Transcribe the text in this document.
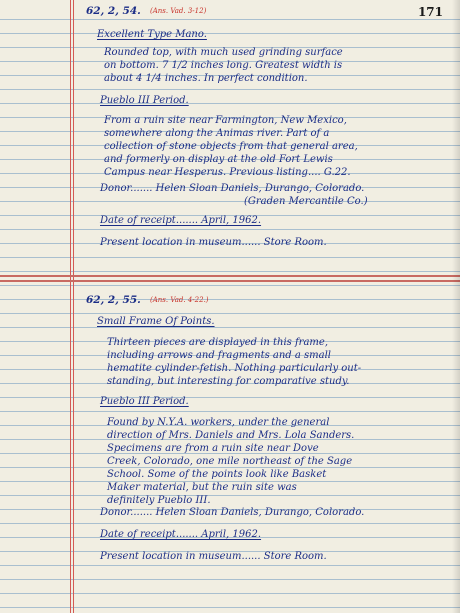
171
62, 2, 54. (Ans. Vad. 3-12)
Excellent Type Mano.
Rounded top, with much used grinding surface
on bottom. 7 1/2 inches long. Greatest width is
about 4 1/4 inches. In perfect condition.
Pueblo III Period.
From a ruin site near Farmington, New Mexico,
somewhere along the Animas river. Part of a
collection of stone objects from that general area,
and formerly on display at the old Fort Lewis
Campus near Hesperus. Previous listing.... G.22.
Donor....... Helen Sloan Daniels, Durango, Colorado.
(Graden Mercantile Co.)
Date of receipt....... April, 1962.
Present location in museum...... Store Room.
62, 2, 55. (Ans. Vad. 4-22.)
Small Frame Of Points.
Thirteen pieces are displayed in this frame,
including arrows and fragments and a small
hematite cylinder-fetish. Nothing particularly out-
standing, but interesting for comparative study.
Pueblo III Period.
Found by N.Y.A. workers, under the general
direction of Mrs. Daniels and Mrs. Lola Sanders.
Specimens are from a ruin site near Dove
Creek, Colorado, one mile northeast of the Sage
School. Some of the points look like Basket
Maker material, but the ruin site was
definitely Pueblo III.
Donor....... Helen Sloan Daniels, Durango, Colorado.
Date of receipt....... April, 1962.
Present location in museum...... Store Room.
